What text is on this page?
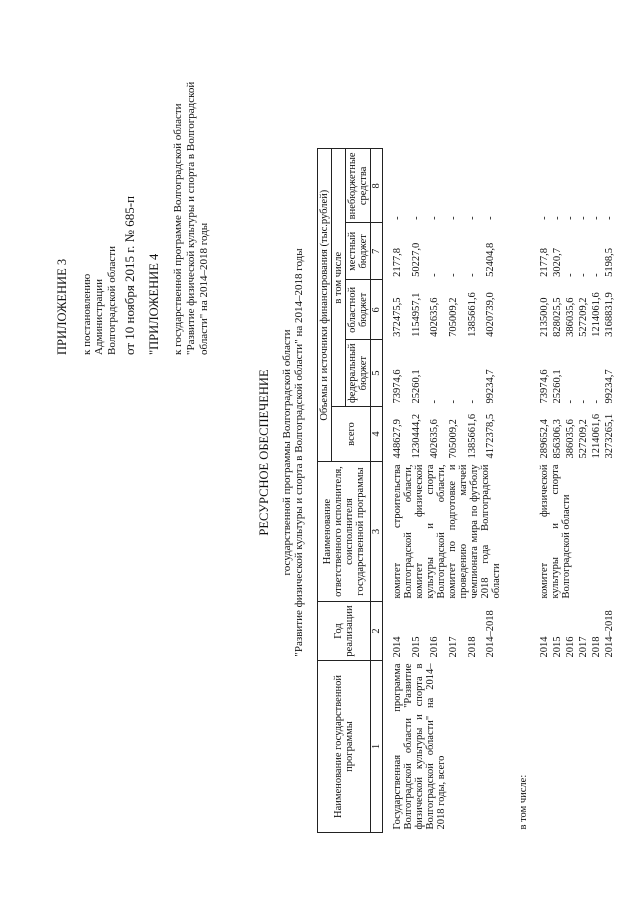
ПРИЛОЖЕНИЕ 3 к постановлению Администрации Волгоградской области от 10 ноября 2015 г. № 685-п "ПРИЛОЖЕНИЕ 4 к государственной программе Волгоградской области "Развитие физической культуры и спорта в Волгоградской области" на 2014–2018 годы
РЕСУРСНОЕ ОБЕСПЕЧЕНИЕ государственной программы Волгоградской области "Развитие физической культуры и спорта в Волгоградской области" на 2014–2018 годы
Наименование государственной программы	Год реализации	Наименование ответственного исполнителя, соисполнителя государственной программы	Объемы и источники финансирования (тыс.рублей)				
			всего	в том числе			
				федеральный бюджет	областной бюджет	местный бюджет	внебюджетные средства
1	2	3	4	5	6	7	8

Государственная программа Волгоградской области "Развитие физической культуры и спорта в Волгоградской области" на 2014–2018 годы, всего	2014	комитет строительства Волгоградской области, комитет физической культуры и спорта Волгоградской области, комитет по подготовке и проведению матчей чемпионата мира по футболу 2018 года Волгоградской области	448627,9	73974,6	372475,5	2177,8	-
	2015		1230444,2	25260,1	1154957,1	50227,0	-
	2016		402635,6	-	402635,6	-	-
	2017		705009,2	-	705009,2	-	-
	2018		1385661,6	-	1385661,6	-	-
	2014–2018		4172378,5	99234,7	4020739,0	52404,8	-

в том числе:							

	2014	комитет физической культуры и спорта Волгоградской области	289652,4	73974,6	213500,0	2177,8	-
	2015		856306,3	25260,1	828025,5	3020,7	-
	2016		386035,6	-	386035,6	-	-
	2017		527209,2	-	527209,2	-	-
	2018		1214061,6	-	1214061,6	-	-
	2014–2018		3273265,1	99234,7	3168831,9	5198,5	-
